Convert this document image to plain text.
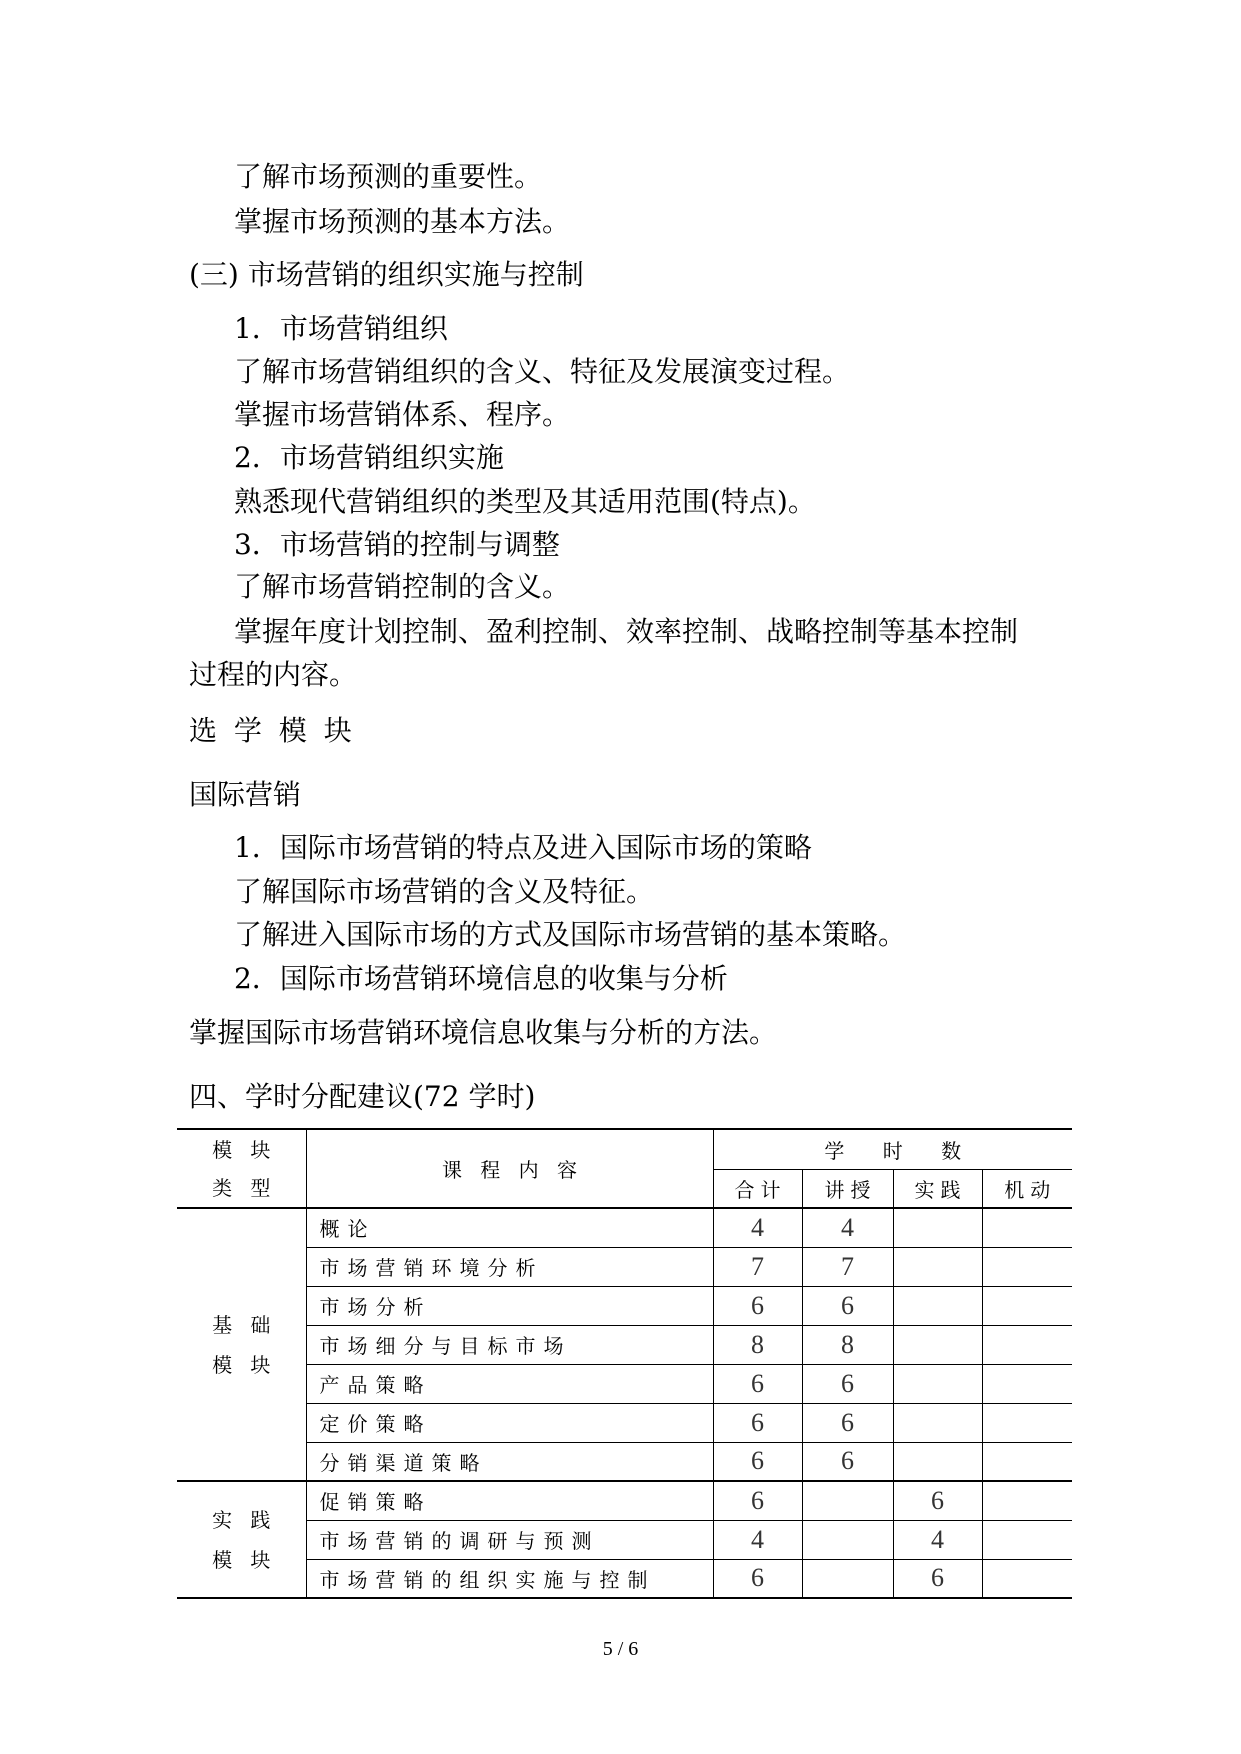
了解市场预测的重要性。
掌握市场预测的基本方法。
(三) 市场营销的组织实施与控制
1．市场营销组织
了解市场营销组织的含义、特征及发展演变过程。
掌握市场营销体系、程序。
2．市场营销组织实施
熟悉现代营销组织的类型及其适用范围(特点)。
3．市场营销的控制与调整
了解市场营销控制的含义。
掌握年度计划控制、盈利控制、效率控制、战略控制等基本控制
过程的内容。
选 学 模 块
国际营销
1．国际市场营销的特点及进入国际市场的策略
了解国际市场营销的含义及特征。
了解进入国际市场的方式及国际市场营销的基本策略。
2．国际市场营销环境信息的收集与分析
掌握国际市场营销环境信息收集与分析的方法。
四、学时分配建议(72 学时)
模 块
类 型	课 程 内 容	学 时 数			
		合计	讲授	实践	机动

基 础
模 块	概论	4	4		
	市场营销环境分析	7	7		
	市场分析	6	6		
	市场细分与目标市场	8	8		
	产品策略	6	6		
	定价策略	6	6		
	分销渠道策略	6	6		

实 践
模 块	促销策略	6		6	
	市场营销的调研与预测	4		4	
	市场营销的组织实施与控制	6		6	
5 / 6
